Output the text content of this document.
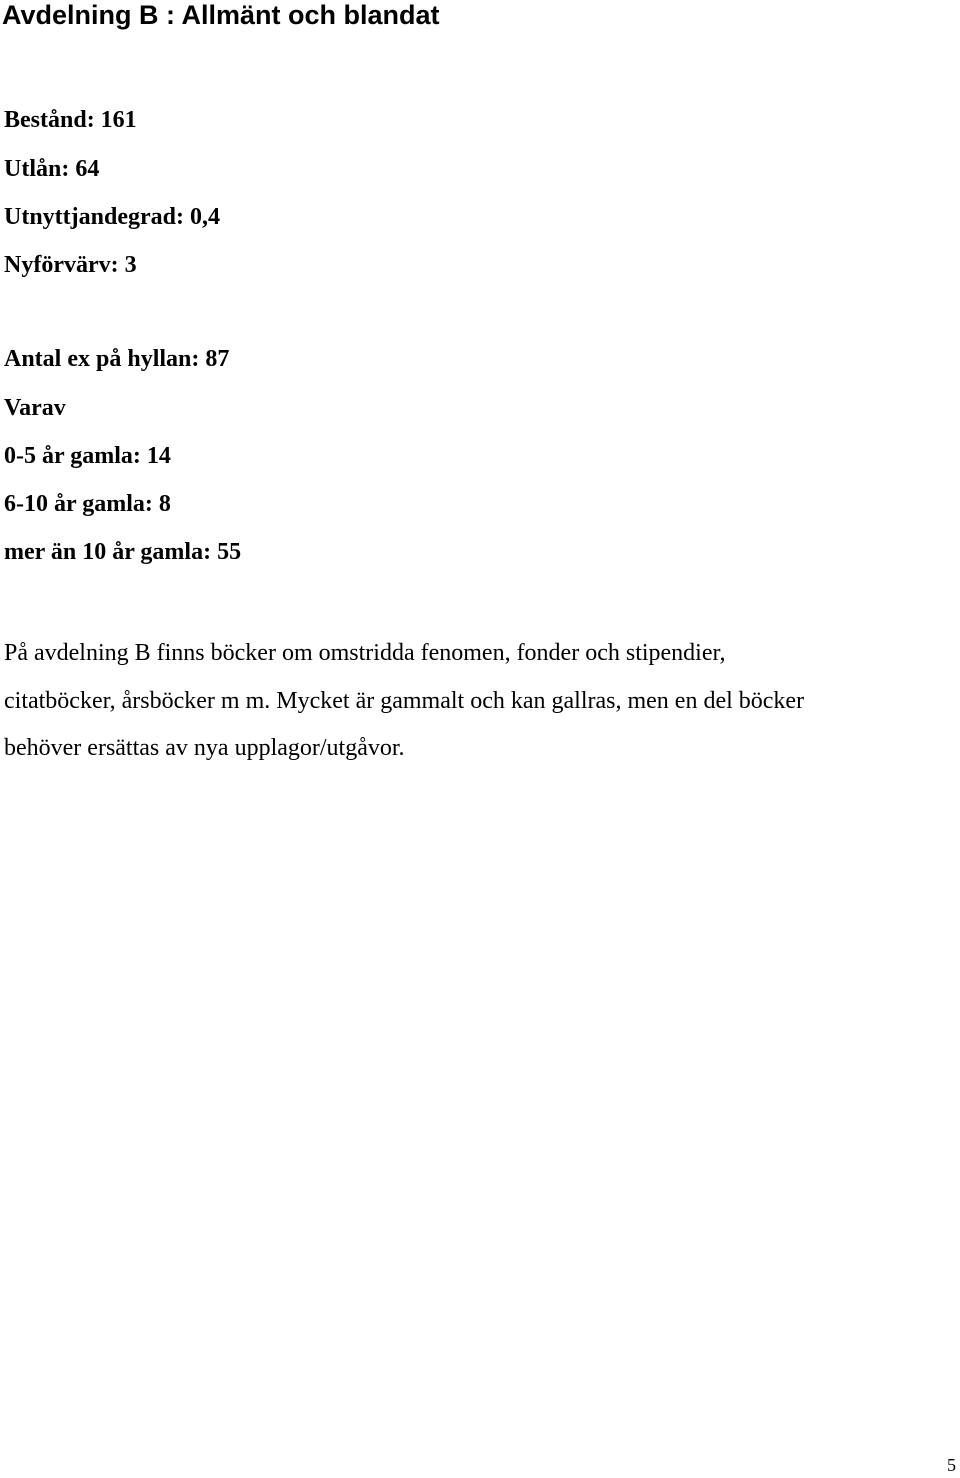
Avdelning B : Allmänt och blandat

Bestånd: 161

Utlån: 64

Utnyttjandegrad: 0,4

Nyförvärv: 3

Antal ex på hyllan: 87

Varav

0-5 år gamla: 14

6-10 år gamla: 8

mer än 10 år gamla: 55

På avdelning B finns böcker om omstridda fenomen, fonder och stipendier,
citatböcker, årsböcker m m. Mycket är gammalt och kan gallras, men en del böcker
behöver ersättas av nya upplagor/utgåvor.

5
